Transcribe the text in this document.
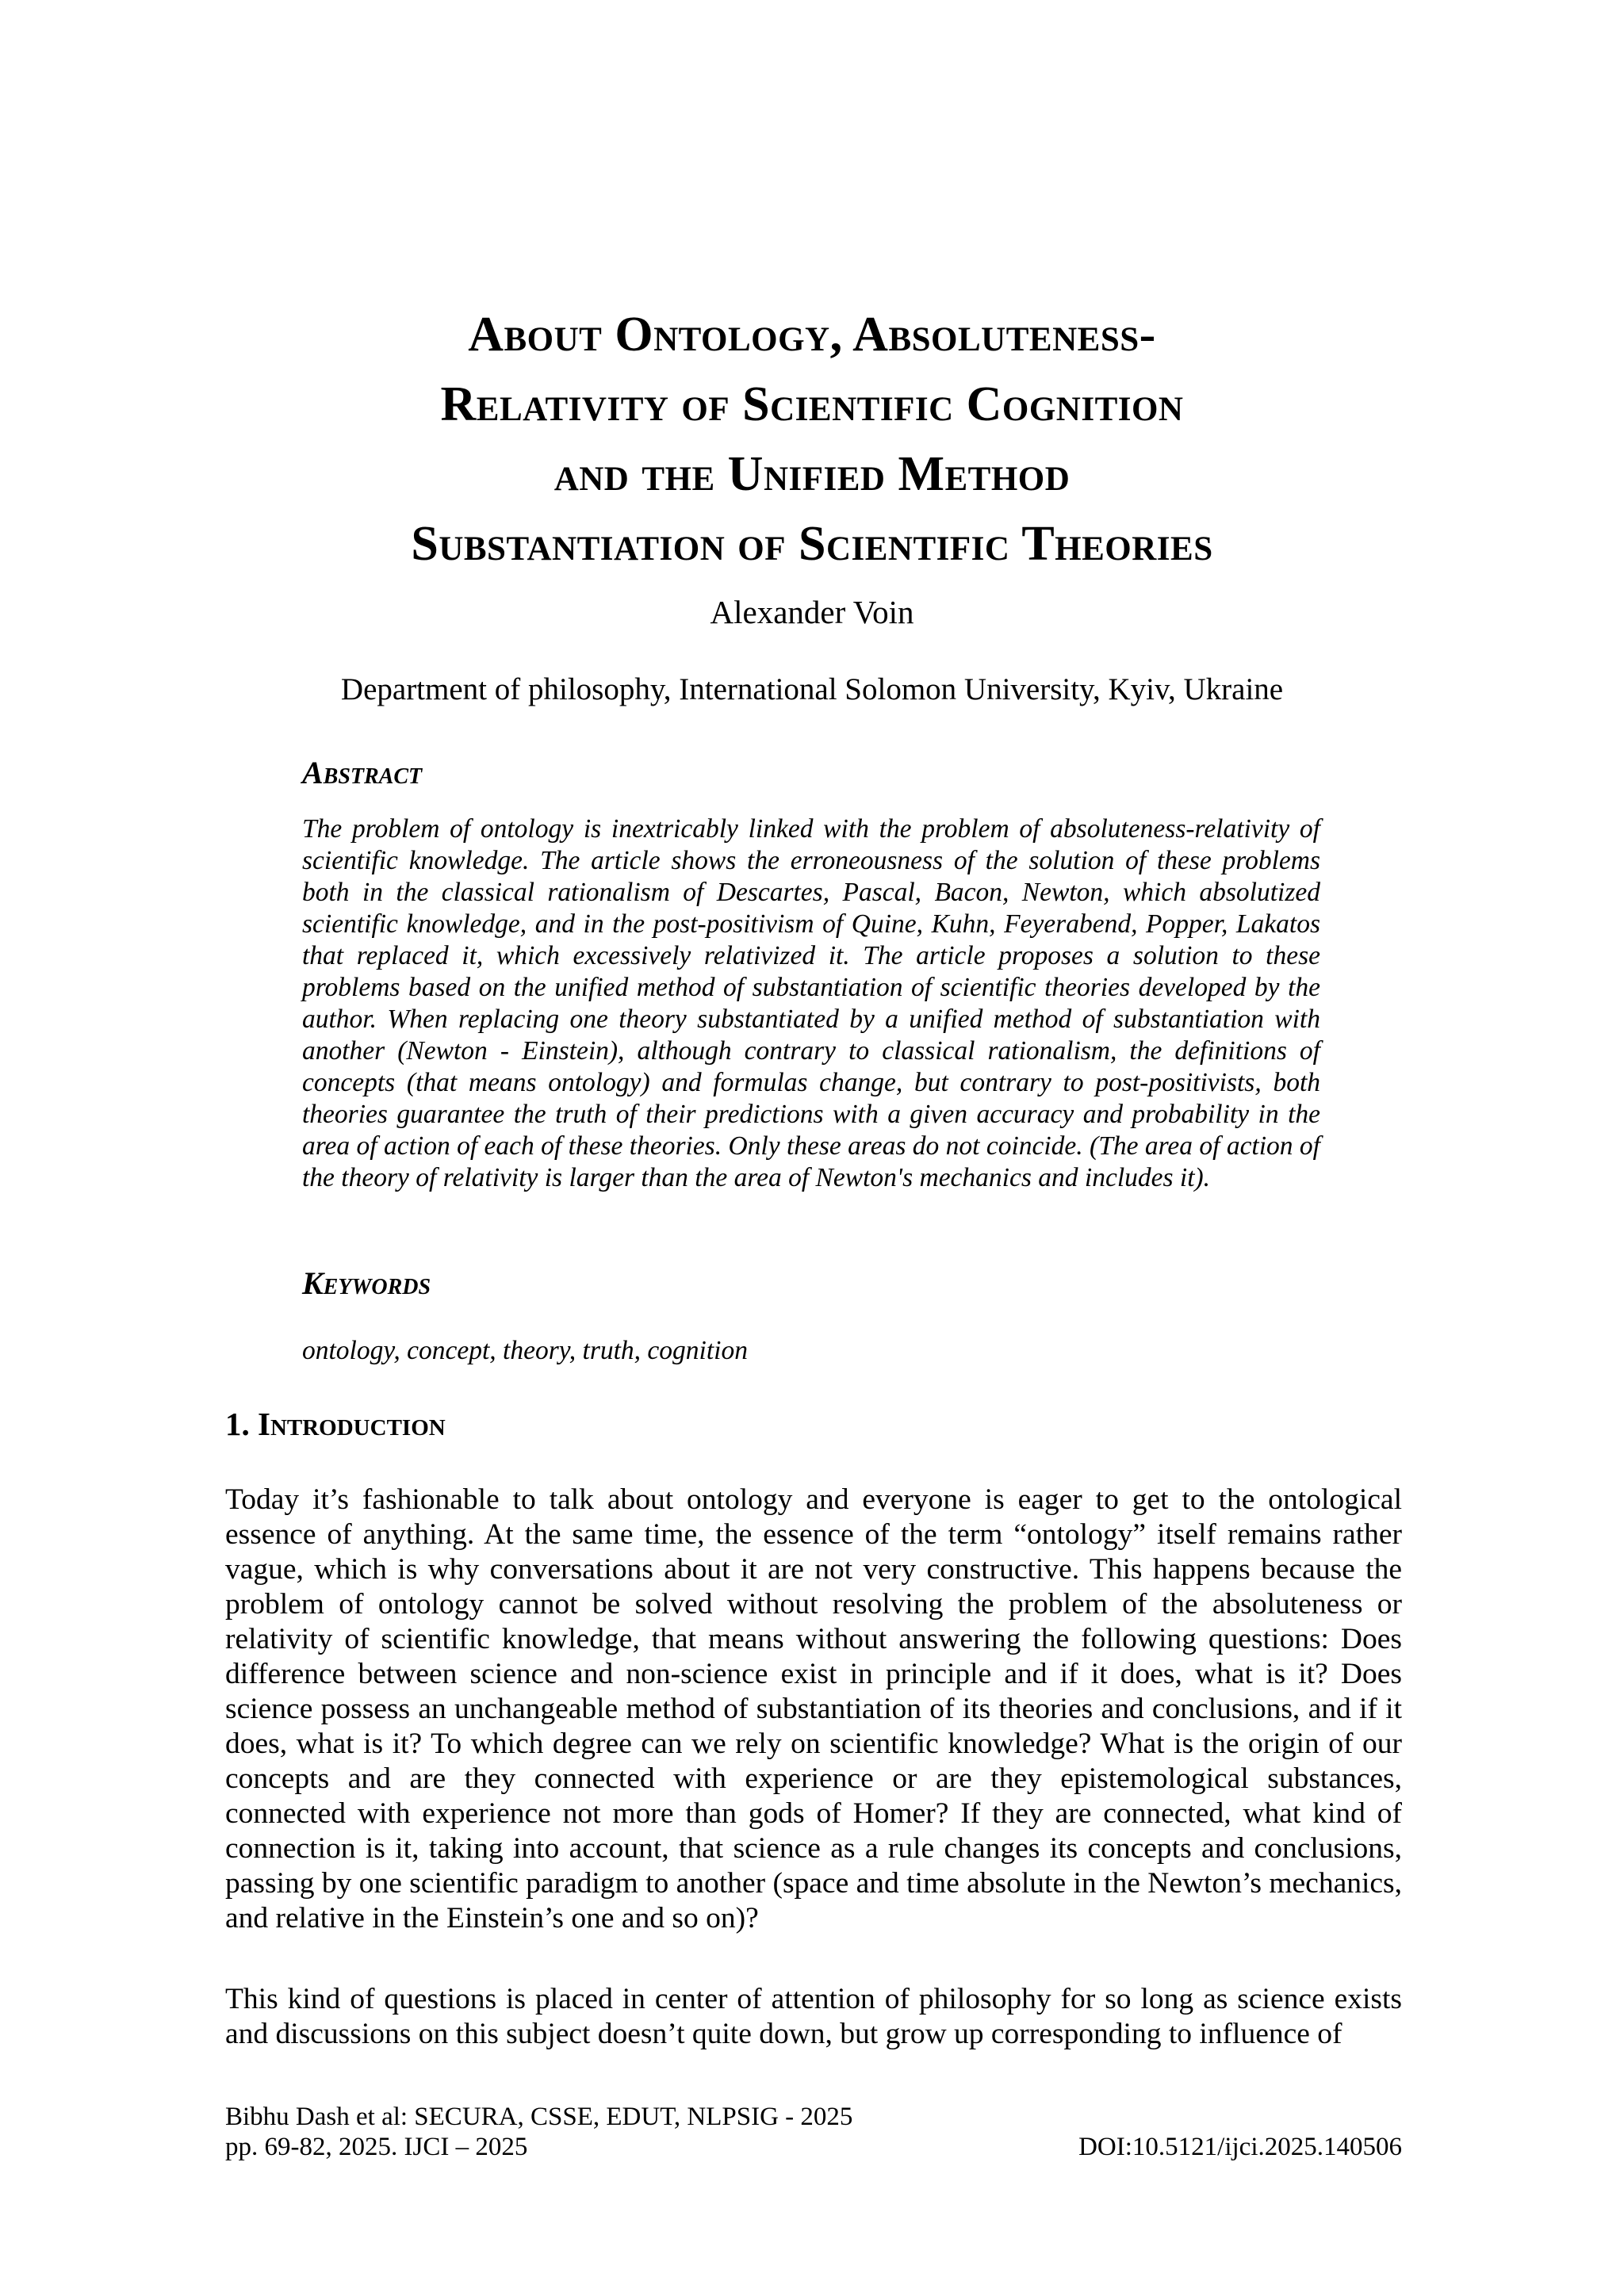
About Ontology, Absoluteness-
Relativity of Scientific Cognition
and the Unified Method
Substantiation of Scientific Theories
Alexander Voin
Department of philosophy, International Solomon University, Kyiv, Ukraine
Abstract

The problem of ontology is inextricably linked with the problem of absoluteness-relativity of scientific knowledge. The article shows the erroneousness of the solution of these problems both in the classical rationalism of Descartes, Pascal, Bacon, Newton, which absolutized scientific knowledge, and in the post-positivism of Quine, Kuhn, Feyerabend, Popper, Lakatos that replaced it, which excessively relativized it. The article proposes a solution to these problems based on the unified method of substantiation of scientific theories developed by the author. When replacing one theory substantiated by a unified method of substantiation with another (Newton - Einstein), although contrary to classical rationalism, the definitions of concepts (that means ontology) and formulas change, but contrary to post-positivists, both theories guarantee the truth of their predictions with a given accuracy and probability in the area of action of each of these theories. Only these areas do not coincide. (The area of action of the theory of relativity is larger than the area of Newton's mechanics and includes it).

Keywords
ontology, concept, theory, truth, cognition
1. Introduction

Today it’s fashionable to talk about ontology and everyone is eager to get to the ontological essence of anything. At the same time, the essence of the term “ontology” itself remains rather vague, which is why conversations about it are not very constructive. This happens because the problem of ontology cannot be solved without resolving the problem of the absoluteness or relativity of scientific knowledge, that means without answering the following questions: Does difference between science and non-science exist in principle and if it does, what is it? Does science possess an unchangeable method of substantiation of its theories and conclusions, and if it does, what is it? To which degree can we rely on scientific knowledge? What is the origin of our concepts and are they connected with experience or are they epistemological substances, connected with experience not more than gods of Homer? If they are connected, what kind of connection is it, taking into account, that science as a rule changes its concepts and conclusions, passing by one scientific paradigm to another (space and time absolute in the Newton’s mechanics, and relative in the Einstein’s one and so on)?

This kind of questions is placed in center of attention of philosophy for so long as science exists and discussions on this subject doesn’t quite down, but grow up corresponding to influence of

Bibhu Dash et al: SECURA, CSSE, EDUT, NLPSIG - 2025
pp. 69-82, 2025. IJCI – 2025	DOI:10.5121/ijci.2025.140506
